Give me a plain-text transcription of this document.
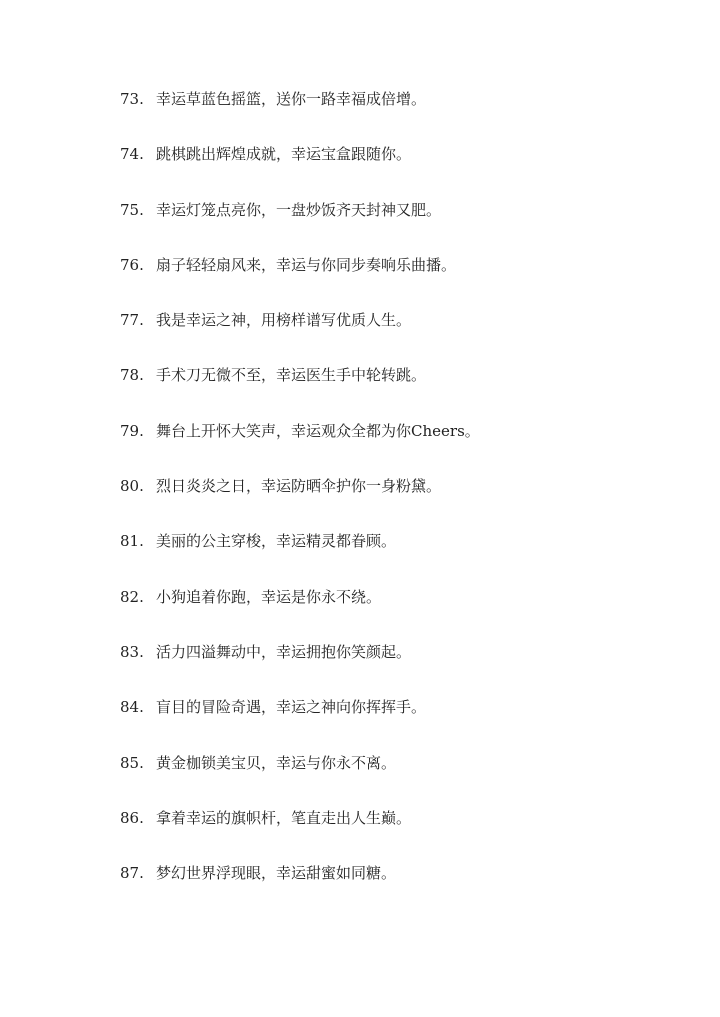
73. 幸运草蓝色摇篮，送你一路幸福成倍增。
74. 跳棋跳出辉煌成就，幸运宝盒跟随你。
75. 幸运灯笼点亮你，一盘炒饭齐天封神又肥。
76. 扇子轻轻扇风来，幸运与你同步奏响乐曲播。
77. 我是幸运之神，用榜样谱写优质人生。
78. 手术刀无微不至，幸运医生手中轮转跳。
79. 舞台上开怀大笑声，幸运观众全都为你Cheers。
80. 烈日炎炎之日，幸运防晒伞护你一身粉黛。
81. 美丽的公主穿梭，幸运精灵都眷顾。
82. 小狗追着你跑，幸运是你永不绕。
83. 活力四溢舞动中，幸运拥抱你笑颜起。
84. 盲目的冒险奇遇，幸运之神向你挥挥手。
85. 黄金枷锁美宝贝，幸运与你永不离。
86. 拿着幸运的旗帜杆，笔直走出人生巅。
87. 梦幻世界浮现眼，幸运甜蜜如同糖。
